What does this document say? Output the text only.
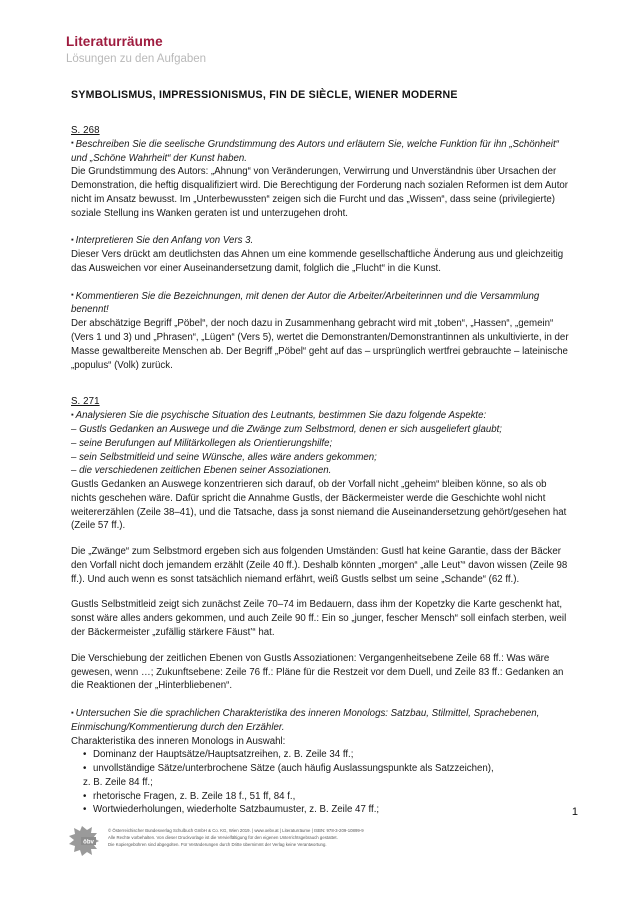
Literaturräume
Lösungen zu den Aufgaben
SYMBOLISMUS, IMPRESSIONISMUS, FIN DE SIÈCLE, WIENER MODERNE
S. 268

▪ Beschreiben Sie die seelische Grundstimmung des Autors und erläutern Sie, welche Funktion für ihn „Schönheit“ und „Schöne Wahrheit“ der Kunst haben.

Die Grundstimmung des Autors: „Ahnung“ von Veränderungen, Verwirrung und Unverständnis über Ursachen der Demonstration, die heftig disqualifiziert wird. Die Berechtigung der Forderung nach sozialen Reformen ist dem Autor nicht im Ansatz bewusst. Im „Unterbewussten“ zeigen sich die Furcht und das „Wissen“, dass seine (privilegierte) soziale Stellung ins Wanken geraten ist und unterzugehen droht.

▪ Interpretieren Sie den Anfang von Vers 3.

Dieser Vers drückt am deutlichsten das Ahnen um eine kommende gesellschaftliche Änderung aus und gleichzeitig das Ausweichen vor einer Auseinandersetzung damit, folglich die „Flucht“ in die Kunst.

▪ Kommentieren Sie die Bezeichnungen, mit denen der Autor die Arbeiter/Arbeiterinnen und die Versammlung benennt!

Der abschätzige Begriff „Pöbel“, der noch dazu in Zusammenhang gebracht wird mit „toben“, „Hassen“, „gemein“ (Vers 1 und 3) und „Phrasen“, „Lügen“ (Vers 5), wertet die Demonstranten/Demonstrantinnen als unkultivierte, in der Masse gewaltbereite Menschen ab. Der Begriff „Pöbel“ geht auf das – ursprünglich wertfrei gebrauchte – lateinische „populus“ (Volk) zurück.

S. 271

▪ Analysieren Sie die psychische Situation des Leutnants, bestimmen Sie dazu folgende Aspekte:

– Gustls Gedanken an Auswege und die Zwänge zum Selbstmord, denen er sich ausgeliefert glaubt;

– seine Berufungen auf Militärkollegen als Orientierungshilfe;

– sein Selbstmitleid und seine Wünsche, alles wäre anders gekommen;

– die verschiedenen zeitlichen Ebenen seiner Assoziationen.

Gustls Gedanken an Auswege konzentrieren sich darauf, ob der Vorfall nicht „geheim“ bleiben könne, so als ob nichts geschehen wäre. Dafür spricht die Annahme Gustls, der Bäckermeister werde die Geschichte wohl nicht weitererzählen (Zeile 38–41), und die Tatsache, dass ja sonst niemand die Auseinandersetzung gehört/gesehen hat (Zeile 57 ff.).

Die „Zwänge“ zum Selbstmord ergeben sich aus folgenden Umständen: Gustl hat keine Garantie, dass der Bäcker den Vorfall nicht doch jemandem erzählt (Zeile 40 ff.). Deshalb könnten „morgen“ „alle Leut’“ davon wissen (Zeile 98 ff.). Und auch wenn es sonst tatsächlich niemand erfährt, weiß Gustls selbst um seine „Schande“ (62 ff.).

Gustls Selbstmitleid zeigt sich zunächst Zeile 70–74 im Bedauern, dass ihm der Kopetzky die Karte geschenkt hat, sonst wäre alles anders gekommen, und auch Zeile 90 ff.: Ein so „junger, fescher Mensch“ soll einfach sterben, weil der Bäckermeister „zufällig stärkere Fäust’“ hat.

Die Verschiebung der zeitlichen Ebenen von Gustls Assoziationen: Vergangenheitsebene Zeile 68 ff.: Was wäre gewesen, wenn …; Zukunftsebene: Zeile 76 ff.: Pläne für die Restzeit vor dem Duell, und Zeile 83 ff.: Gedanken an die Reaktionen der „Hinterbliebenen“.

▪ Untersuchen Sie die sprachlichen Charakteristika des inneren Monologs: Satzbau, Stilmittel, Sprachebenen, Einmischung/Kommentierung durch den Erzähler.

Charakteristika des inneren Monologs in Auswahl:

• Dominanz der Hauptsätze/Hauptsatzreihen, z. B. Zeile 34 ff.;
• unvollständige Sätze/unterbrochene Sätze (auch häufig Auslassungspunkte als Satzzeichen),
z. B. Zeile 84 ff.;
• rhetorische Fragen, z. B. Zeile 18 f., 51 ff, 84 f.,
• Wortwiederholungen, wiederholte Satzbaumuster, z. B. Zeile 47 ff.;	1
öbv
© Österreichischer Bundesverlag Schulbuch GmbH & Co. KG, Wien 2019. | www.oebv.at | Literaturräume | ISBN: 978-3-209-10899-9
Alle Rechte vorbehalten. Von dieser Druckvorlage ist die Vervielfältigung für den eigenen Unterrichtsgebrauch gestattet.
Die Kopiergebühren sind abgegolten. Für Veränderungen durch Dritte übernimmt der Verlag keine Verantwortung.
